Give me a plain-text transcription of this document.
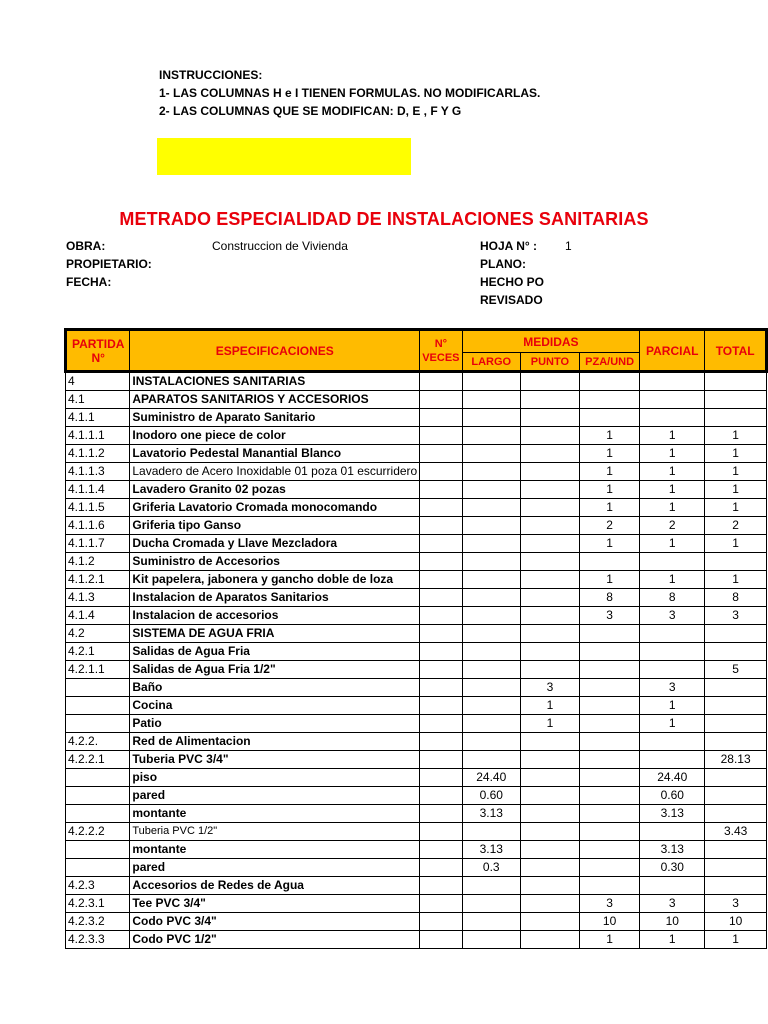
INSTRUCCIONES:
1- LAS COLUMNAS H e I TIENEN FORMULAS. NO MODIFICARLAS.
2- LAS COLUMNAS QUE SE MODIFICAN: D, E , F Y G
METRADO ESPECIALIDAD DE INSTALACIONES SANITARIAS
OBRA:	Construccion de Vivienda
PROPIETARIO:
FECHA:
HOJA N° : 1
PLANO:
HECHO PO
REVISADO
PARTIDA N°	ESPECIFICACIONES	N° VECES	MEDIDAS			PARCIAL	TOTAL
			LARGO	PUNTO	PZA/UND		
4	INSTALACIONES SANITARIAS						
4.1	APARATOS SANITARIOS Y ACCESORIOS						
4.1.1	Suministro de Aparato Sanitario						
4.1.1.1	Inodoro one piece de color				1	1	1
4.1.1.2	Lavatorio Pedestal Manantial Blanco				1	1	1
4.1.1.3	Lavadero de Acero Inoxidable 01 poza 01 escurridero				1	1	1
4.1.1.4	Lavadero Granito 02 pozas				1	1	1
4.1.1.5	Griferia Lavatorio Cromada monocomando				1	1	1
4.1.1.6	Griferia tipo Ganso				2	2	2
4.1.1.7	Ducha Cromada y Llave Mezcladora				1	1	1
4.1.2	Suministro de Accesorios						
4.1.2.1	Kit papelera, jabonera y gancho doble de loza				1	1	1
4.1.3	Instalacion de Aparatos Sanitarios				8	8	8
4.1.4	Instalacion de accesorios				3	3	3
4.2	SISTEMA DE AGUA FRIA						
4.2.1	Salidas de Agua Fria						
4.2.1.1	Salidas de Agua Fria 1/2"						5
	Baño			3		3	
	Cocina			1		1	
	Patio			1		1	
4.2.2.	Red de Alimentacion						
4.2.2.1	Tuberia PVC 3/4"						28.13
	piso		24.40			24.40	
	pared		0.60			0.60	
	montante		3.13			3.13	
4.2.2.2	Tuberia PVC 1/2"						3.43
	montante		3.13			3.13	
	pared		0.3			0.30	
4.2.3	Accesorios de Redes de Agua						
4.2.3.1	Tee PVC 3/4"				3	3	3
4.2.3.2	Codo PVC 3/4"				10	10	10
4.2.3.3	Codo PVC 1/2"				1	1	1
